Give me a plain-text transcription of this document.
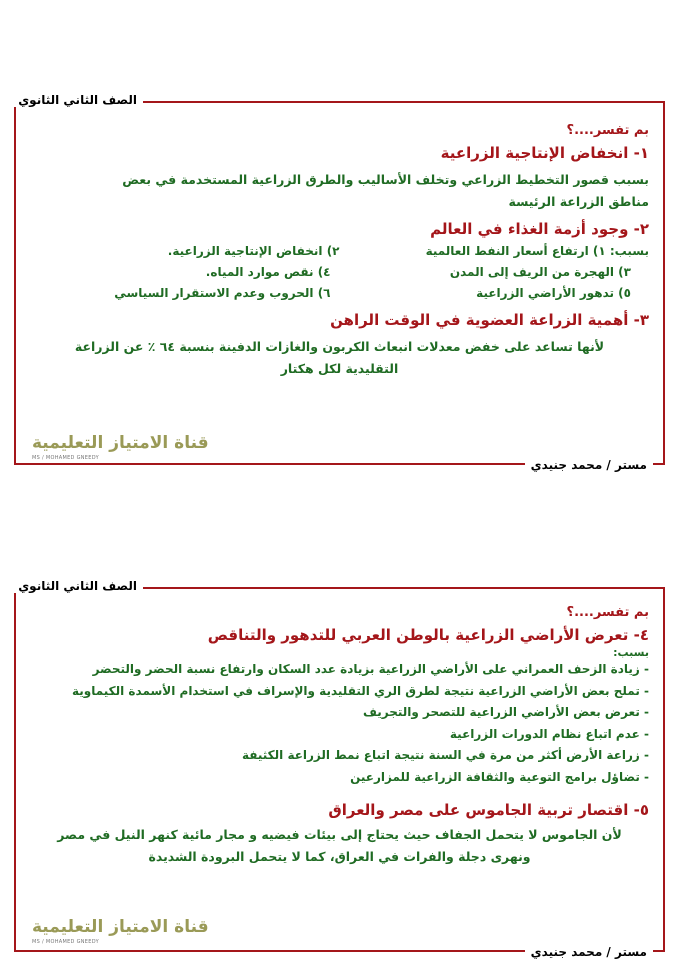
الصف الثاني الثانوي

بم تفسر....؟

١- انخفاض الإنتاجية الزراعية

بسبب قصور التخطيط الزراعي وتخلف الأساليب والطرق الزراعية المستخدمة في بعض

مناطق الزراعة الرئيسة

٢- وجود أزمة الغذاء في العالم
بسبب: ١) ارتفاع أسعار النفط العالمية
٢) انخفاض الإنتاجية الزراعية.
٣) الهجرة من الريف إلى المدن
٤) نقص موارد المياه.
٥) تدهور الأراضي الزراعية
٦) الحروب وعدم الاستقرار السياسي
٣- أهمية الزراعة العضوية في الوقت الراهن

لأنها تساعد على خفض معدلات انبعاث الكربون والغازات الدفينة بنسبة ٦٤ ٪ عن الزراعة

التقليدية لكل هكتار

قناة الامتياز التعليمية
MS / MOHAMED GNEEDY	مستر / محمد جنيدي
الصف الثاني الثانوي

بم تفسر....؟

٤- تعرض الأراضي الزراعية بالوطن العربي للتدهور والتناقص

بسبب:

- زيادة الزحف العمراني على الأراضي الزراعية بزيادة عدد السكان وارتفاع نسبة الحضر والتحضر
- تملح بعض الأراضي الزراعية نتيجة لطرق الري التقليدية والإسراف في استخدام الأسمدة الكيماوية
- تعرض بعض الأراضي الزراعية للتصحر والتجريف
- عدم اتباع نظام الدورات الزراعية
- زراعة الأرض أكثر من مرة في السنة نتيجة اتباع نمط الزراعة الكثيفة
- تضاؤل برامج التوعية والثقافة الزراعية للمزارعين
٥- اقتصار تربية الجاموس على مصر والعراق

لأن الجاموس لا يتحمل الجفاف حيث يحتاج إلى بيئات فيضيه و مجار مائية كنهر النيل في مصر

ونهرى دجلة والفرات في العراق، كما لا يتحمل البرودة الشديدة

قناة الامتياز التعليمية
MS / MOHAMED GNEEDY
مستر / محمد جنيدي
